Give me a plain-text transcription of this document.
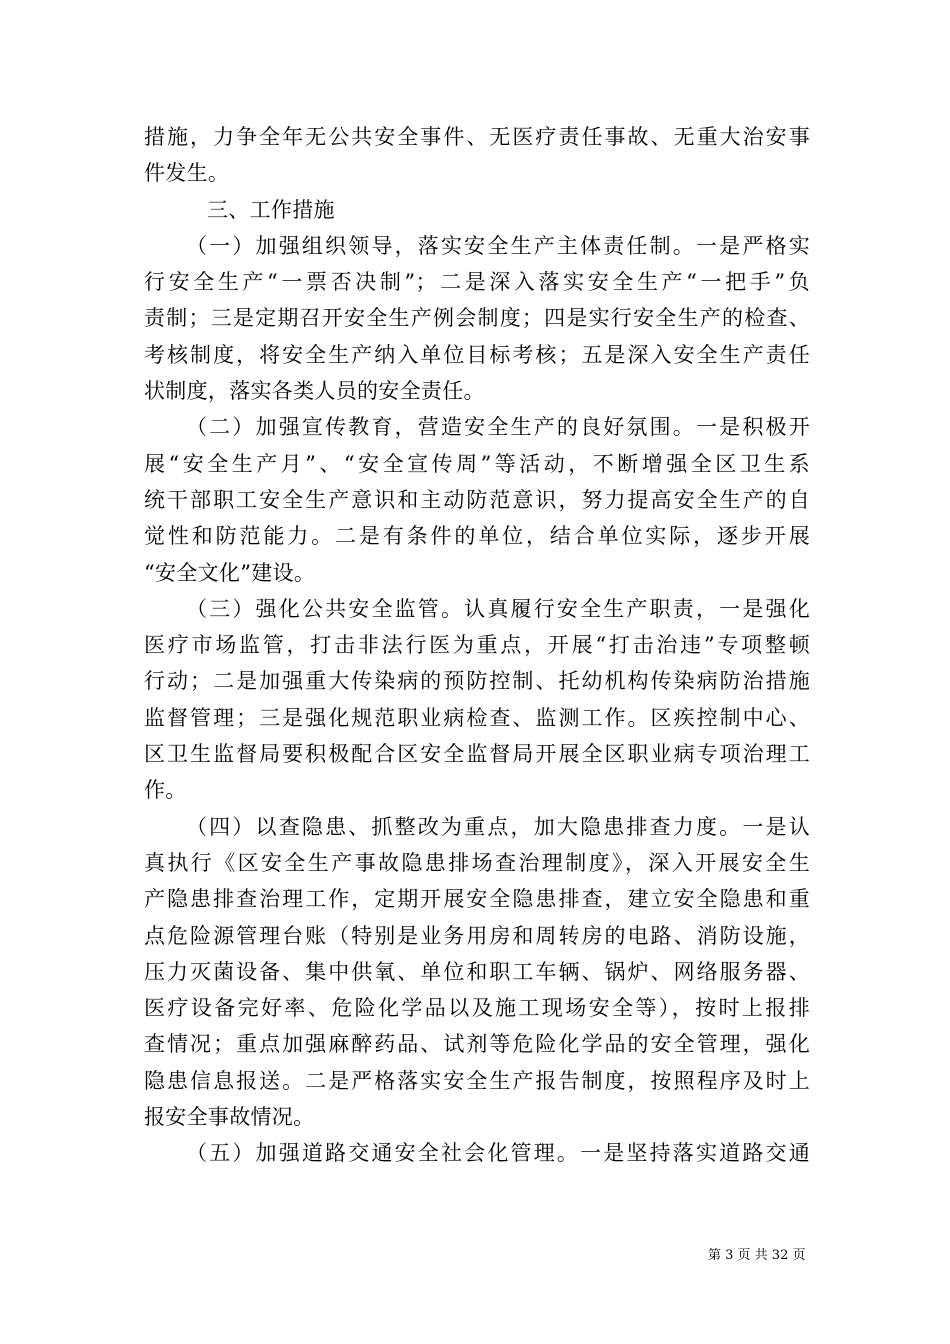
措施，力争全年无公共安全事件、无医疗责任事故、无重大治安事
件发生。
三、工作措施
（一）加强组织领导，落实安全生产主体责任制。一是严格实
行安全生产“一票否决制”；二是深入落实安全生产“一把手”负
责制；三是定期召开安全生产例会制度；四是实行安全生产的检查、
考核制度，将安全生产纳入单位目标考核；五是深入安全生产责任
状制度，落实各类人员的安全责任。
（二）加强宣传教育，营造安全生产的良好氛围。一是积极开
展“安全生产月”、“安全宣传周”等活动，不断增强全区卫生系
统干部职工安全生产意识和主动防范意识，努力提高安全生产的自
觉性和防范能力。二是有条件的单位，结合单位实际，逐步开展
“安全文化”建设。
（三）强化公共安全监管。认真履行安全生产职责，一是强化
医疗市场监管，打击非法行医为重点，开展“打击治违”专项整顿
行动；二是加强重大传染病的预防控制、托幼机构传染病防治措施
监督管理；三是强化规范职业病检查、监测工作。区疾控制中心、
区卫生监督局要积极配合区安全监督局开展全区职业病专项治理工
作。
（四）以查隐患、抓整改为重点，加大隐患排查力度。一是认
真执行《区安全生产事故隐患排场查治理制度》，深入开展安全生
产隐患排查治理工作，定期开展安全隐患排查，建立安全隐患和重
点危险源管理台账（特别是业务用房和周转房的电路、消防设施，
压力灭菌设备、集中供氧、单位和职工车辆、锅炉、网络服务器、
医疗设备完好率、危险化学品以及施工现场安全等），按时上报排
查情况；重点加强麻醉药品、试剂等危险化学品的安全管理，强化
隐患信息报送。二是严格落实安全生产报告制度，按照程序及时上
报安全事故情况。
（五）加强道路交通安全社会化管理。一是坚持落实道路交通
第 3 页 共 32 页
